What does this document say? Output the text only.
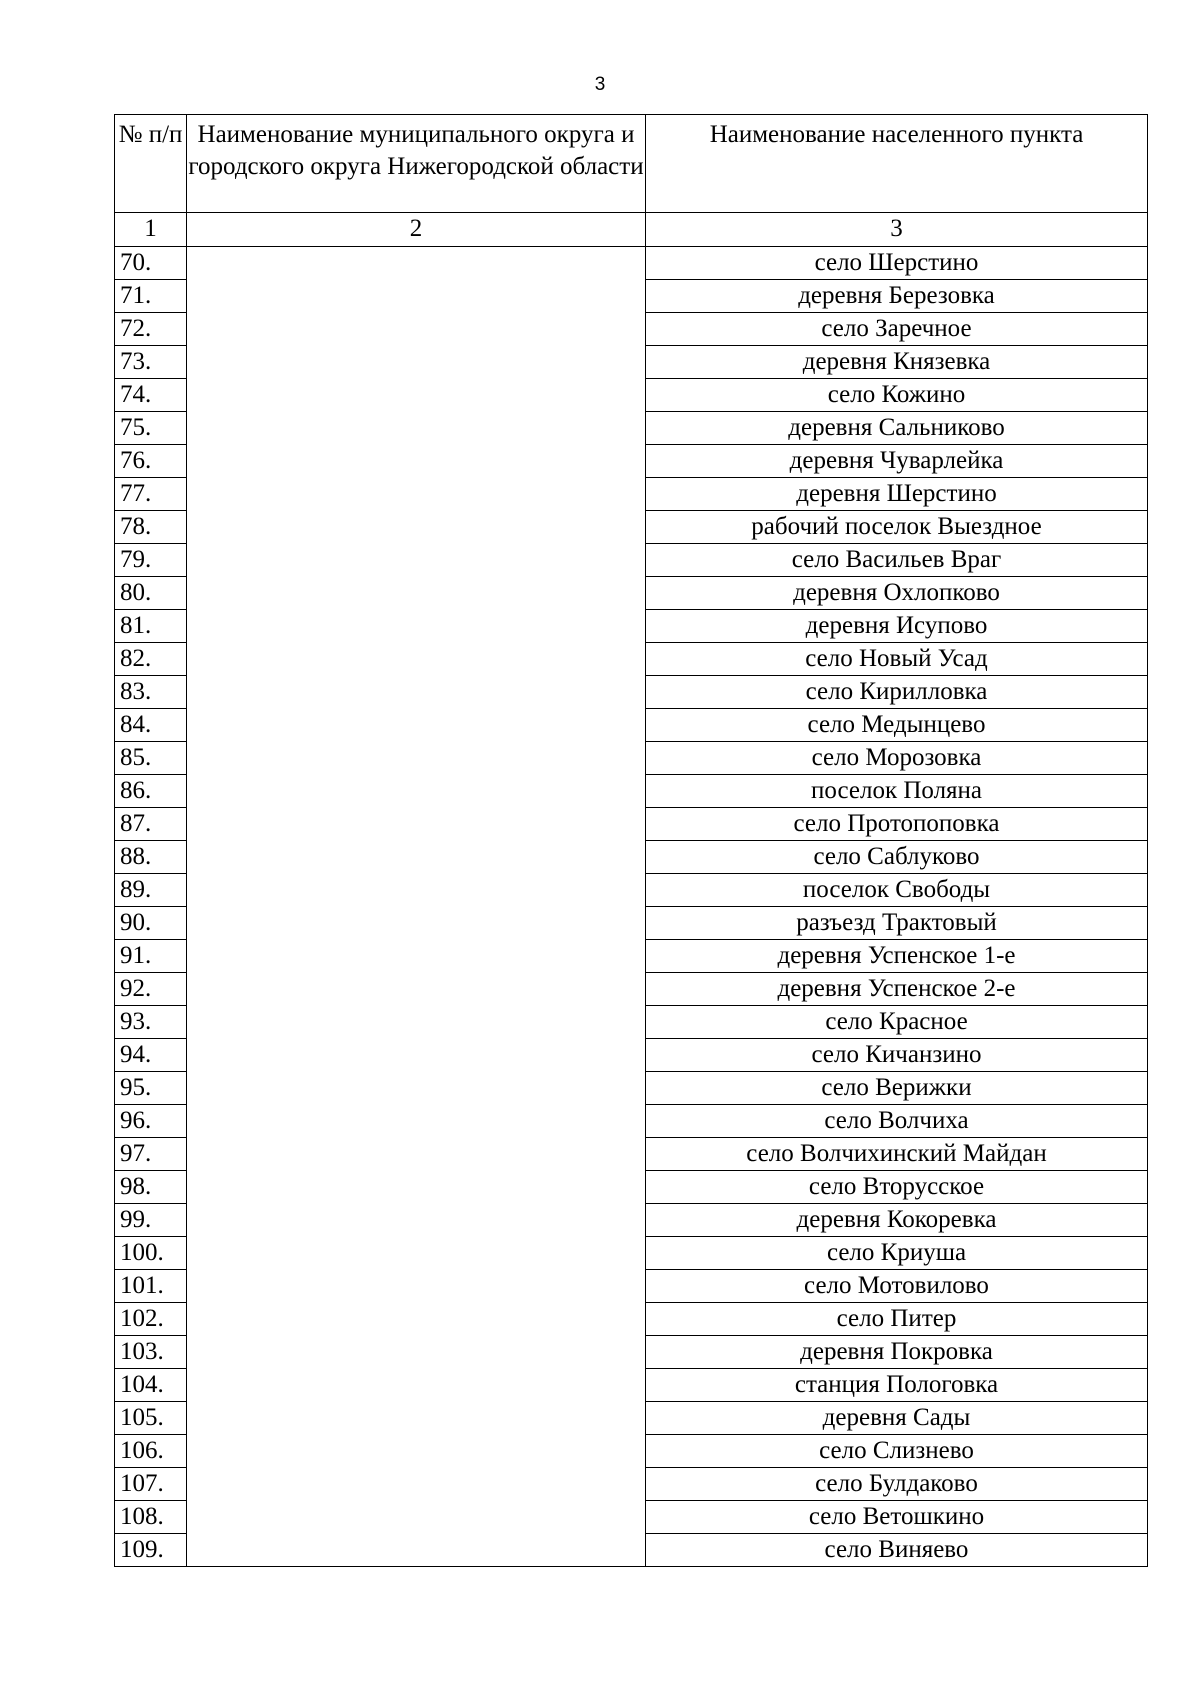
3
№ п/п	Наименование муниципального округа и городского округа Нижегородской области	Наименование населенного пункта
1	2	3
70.		село Шерстино
71.		деревня Березовка
72.		село Заречное
73.		деревня Князевка
74.		село Кожино
75.		деревня Сальниково
76.		деревня Чуварлейка
77.		деревня Шерстино
78.		рабочий поселок Выездное
79.		село Васильев Враг
80.		деревня Охлопково
81.		деревня Исупово
82.		село Новый Усад
83.		село Кирилловка
84.		село Медынцево
85.		село Морозовка
86.		поселок Поляна
87.		село Протопоповка
88.		село Саблуково
89.		поселок Свободы
90.		разъезд Трактовый
91.		деревня Успенское 1-е
92.		деревня Успенское 2-е
93.		село Красное
94.		село Кичанзино
95.		село Верижки
96.		село Волчиха
97.		село Волчихинский Майдан
98.		село Вторусское
99.		деревня Кокоревка
100.		село Криуша
101.		село Мотовилово
102.		село Питер
103.		деревня Покровка
104.		станция Пологовка
105.		деревня Сады
106.		село Слизнево
107.		село Булдаково
108.		село Ветошкино
109.		село Виняево
